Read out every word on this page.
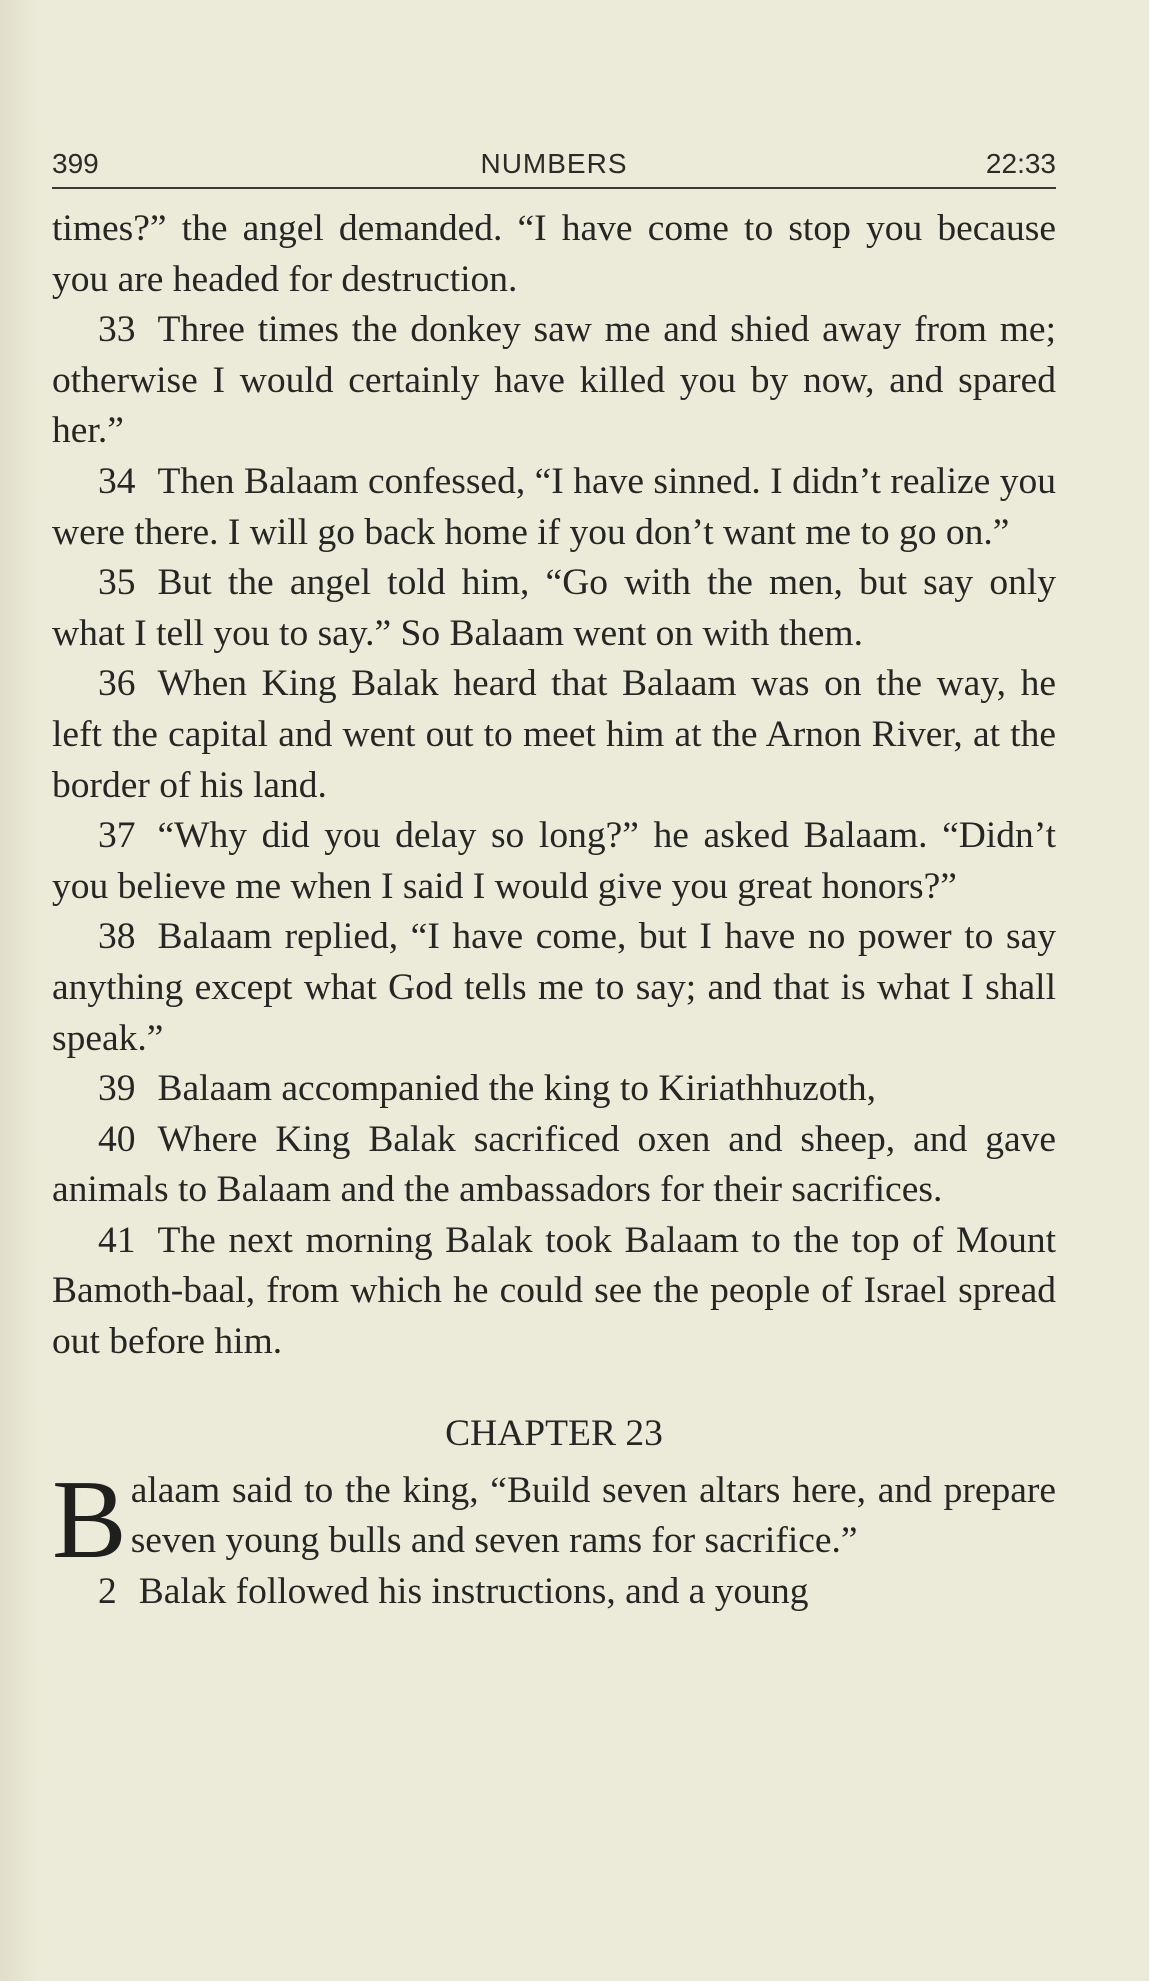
399	NUMBERS	22:33

times?” the angel demanded. “I have come to stop you because you are headed for destruction.

33 Three times the donkey saw me and shied away from me; otherwise I would certainly have killed you by now, and spared her.”

34 Then Balaam confessed, “I have sinned. I didn’t realize you were there. I will go back home if you don’t want me to go on.”

35 But the angel told him, “Go with the men, but say only what I tell you to say.” So Balaam went on with them.

36 When King Balak heard that Balaam was on the way, he left the capital and went out to meet him at the Arnon River, at the border of his land.

37 “Why did you delay so long?” he asked Balaam. “Didn’t you believe me when I said I would give you great honors?”

38 Balaam replied, “I have come, but I have no power to say anything except what God tells me to say; and that is what I shall speak.”

39 Balaam accompanied the king to Kiriathhuzoth,

40 Where King Balak sacrificed oxen and sheep, and gave animals to Balaam and the ambassadors for their sacrifices.

41 The next morning Balak took Balaam to the top of Mount Bamoth-baal, from which he could see the people of Israel spread out before him.

CHAPTER 23

Balaam said to the king, “Build seven altars here, and prepare seven young bulls and seven rams for sacrifice.”

2 Balak followed his instructions, and a young
